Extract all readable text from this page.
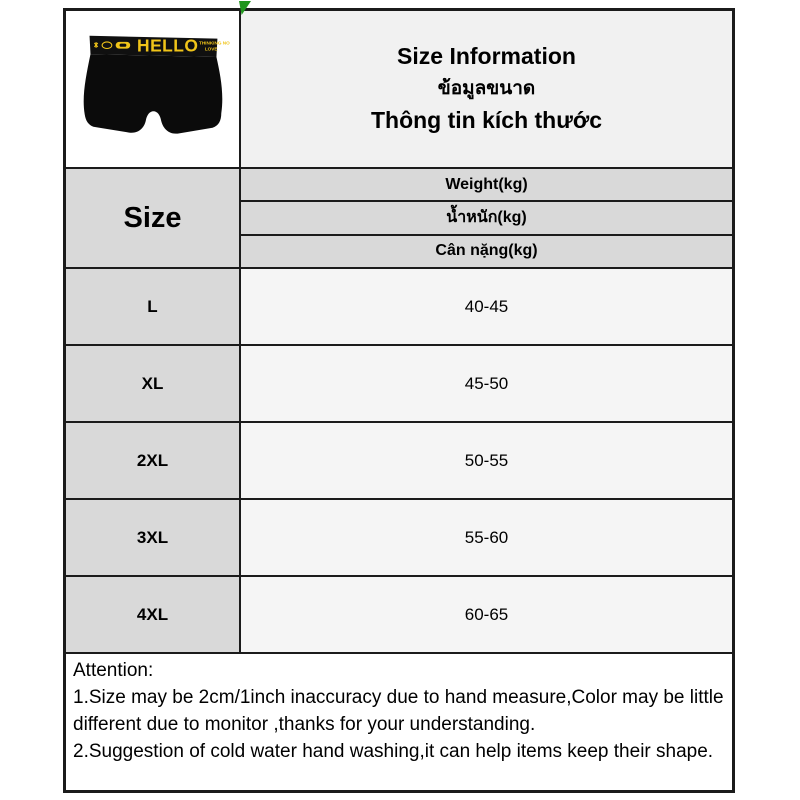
HELLO THINKING NO
LOVE	Size Information
ข้อมูลขนาด
Thông tin kích thước
Size
Weight(kg)
น้ำหนัก(kg)
Cân nặng(kg)
L	40-45
XL	45-50
2XL	50-55
3XL	55-60
4XL	60-65
Attention:
1.Size may be 2cm/1inch inaccuracy due to hand measure,Color may be little
different due to monitor ,thanks for your understanding.
2.Suggestion of cold water hand washing,it can help items keep their shape.
